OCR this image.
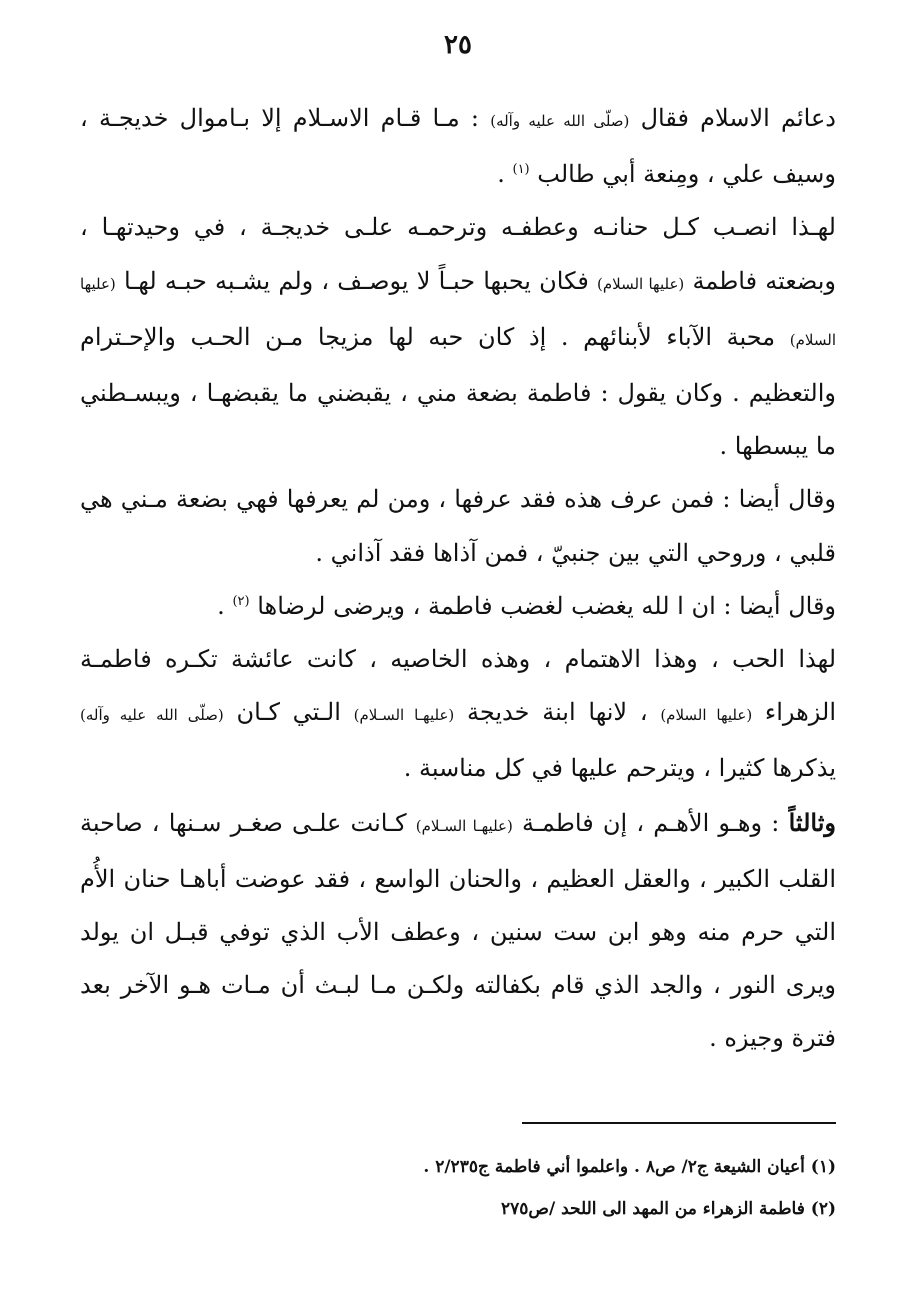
٢٥

دعائم الاسلام فقال (صلّى الله عليه وآله) : مـا قـام الاسـلام إلا بـاموال خديجـة ، وسيف علي ، ومِنعة أبي طالب $^{(١)}$ .

لهـذا انصـب كـل حنانـه وعطفـه وترحمـه علـى خديجـة ، في وحيدتهـا ، وبضعته فاطمة (عليها السلام) فكان يحبها حبـاً لا يوصـف ، ولم يشـبه حبـه لهـا (عليها السلام) محبة الآباء لأبنائهم . إذ كان حبه لها مزيجا مـن الحـب والإحـترام والتعظيم . وكان يقول : فاطمة بضعة مني ، يقبضني ما يقبضهـا ، ويبسـطني ما يبسطها .

وقال أيضا : فمن عرف هذه فقد عرفها ، ومن لم يعرفها فهي بضعة مـني هي قلبي ، وروحي التي بين جنبيّ ، فمن آذاها فقد آذاني .

وقال أيضا : ان ا لله يغضب لغضب فاطمة ، ويرضى لرضاها $^{(٢)}$ .

لهذا الحب ، وهذا الاهتمام ، وهذه الخاصيه ، كانت عائشة تكـره فاطمـة الزهراء (عليها السلام) ، لانها ابنة خديجة (عليهـا السـلام) الـتي كـان (صلّى الله عليه وآله) يذكرها كثيرا ، ويترحم عليها في كل مناسبة .

وثالثاً : وهـو الأهـم ، إن فاطمـة (عليهـا السـلام) كـانت علـى صغـر سـنها ، صاحبة القلب الكبير ، والعقل العظيم ، والحنان الواسع ، فقد عوضت أباهـا حنان الأُم التي حرم منه وهو ابن ست سنين ، وعطف الأب الذي توفي قبـل ان يولد ويرى النور ، والجد الذي قام بكفالته ولكـن مـا لبـث أن مـات هـو الآخر بعد فترة وجيزه .

(١) أعيان الشيعة ج٢/ ص٨ . واعلموا أني فاطمة ج٢/٢٣٥ .

(٢) فاطمة الزهراء من المهد الى اللحد /ص٢٧٥
